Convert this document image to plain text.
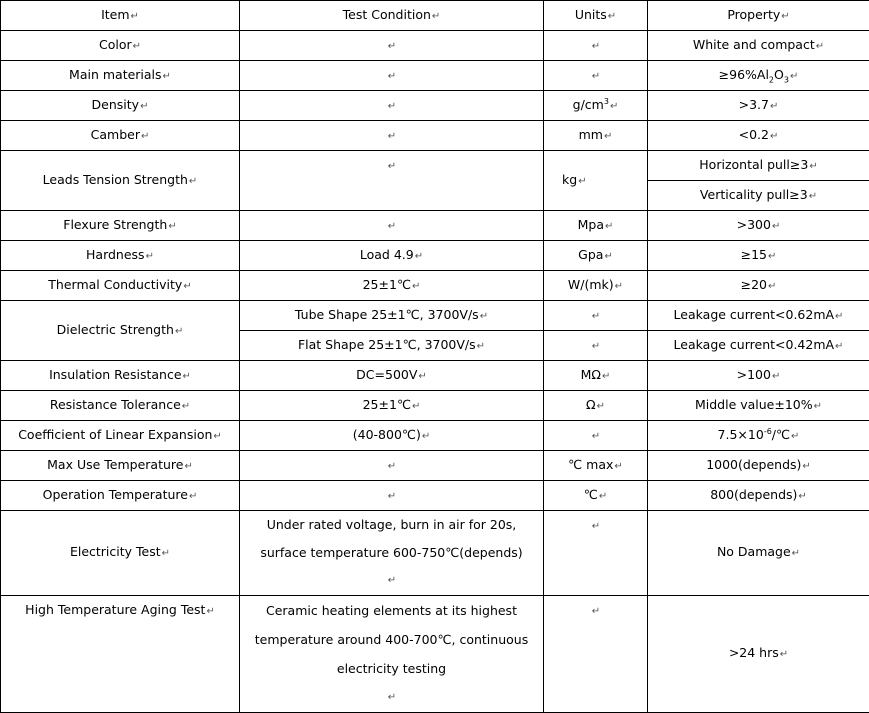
Item↵	Test Condition↵	Units↵	Property↵
Color↵	↵	↵	White and compact↵
Main materials↵	↵	↵	$\ge 96\%Al_2O_3↵$
Density↵	↵	$g/cm^3↵$	>3.7↵
Camber↵	↵	mm↵	<0.2↵
Leads Tension Strength↵	↵	kg↵	Horizontal pull≥3↵
			Verticality pull≥3↵
Flexure Strength↵	↵	Mpa↵	>300↵
Hardness↵	Load 4.9↵	Gpa↵	≥15↵
Thermal Conductivity↵	25±1℃↵	W/(mk)↵	≥20↵
Dielectric Strength↵	Tube Shape 25±1℃, 3700V/s↵	↵	Leakage current<0.62mA↵
	Flat Shape 25±1℃, 3700V/s↵	↵	Leakage current<0.42mA↵
Insulation Resistance↵	DC=500V↵	MΩ↵	>100↵
Resistance Tolerance↵	25±1℃↵	Ω↵	Middle value±10%↵
Coefficient of Linear Expansion↵	(40-800℃)↵	↵	$7.5\times 10^{-6}/℃↵$
Max Use Temperature↵	↵	℃ max↵	1000(depends)↵
Operation Temperature↵	↵	℃↵	800(depends)↵
Electricity Test↵	Under rated voltage, burn in air for 20s,
surface temperature 600-750℃(depends)
↵	↵	No Damage↵
High Temperature Aging Test↵	Ceramic heating elements at its highest
temperature around 400-700℃, continuous
electricity testing
↵	↵	>24 hrs↵
